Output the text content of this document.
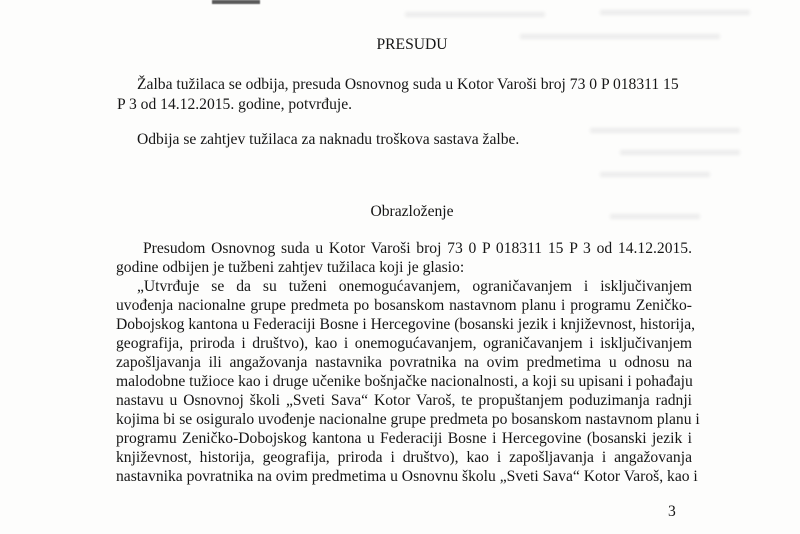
PRESUDU

Žalba tužilaca se odbija, presuda Osnovnog suda u Kotor Varoši broj 73 0 P 018311 15

P 3 od 14.12.2015. godine, potvrđuje.

Odbija se zahtjev tužilaca za naknadu troškova sastava žalbe.

Obrazloženje

Presudom Osnovnog suda u Kotor Varoši broj 73 0 P 018311 15 P 3 od 14.12.2015.

godine odbijen je tužbeni zahtjev tužilaca koji je glasio:

„Utvrđuje se da su tuženi onemogućavanjem, ograničavanjem i isključivanjem

uvođenja nacionalne grupe predmeta po bosanskom nastavnom planu i programu Zeničko-

Dobojskog kantona u Federaciji Bosne i Hercegovine (bosanski jezik i književnost, historija,

geografija, priroda i društvo), kao i onemogućavanjem, ograničavanjem i isključivanjem

zapošljavanja ili angažovanja nastavnika povratnika na ovim predmetima u odnosu na

malodobne tužioce kao i druge učenike bošnjačke nacionalnosti, a koji su upisani i pohađaju

nastavu u Osnovnoj školi „Sveti Sava“ Kotor Varoš, te propuštanjem poduzimanja radnji

kojima bi se osiguralo uvođenje nacionalne grupe predmeta po bosanskom nastavnom planu i

programu Zeničko-Dobojskog kantona u Federaciji Bosne i Hercegovine (bosanski jezik i

književnost, historija, geografija, priroda i društvo), kao i zapošljavanja i angažovanja

nastavnika povratnika na ovim predmetima u Osnovnu školu „Sveti Sava“ Kotor Varoš, kao i

3
